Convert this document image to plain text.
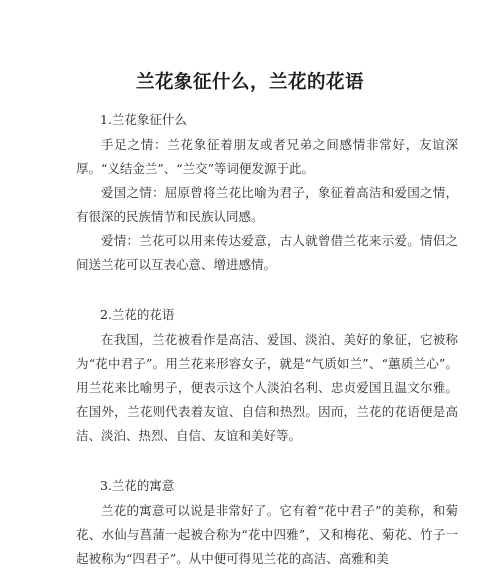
兰花象征什么，兰花的花语
1.兰花象征什么

手足之情：兰花象征着朋友或者兄弟之间感情非常好，友谊深厚。“义结金兰”、“兰交”等词便发源于此。

爱国之情：屈原曾将兰花比喻为君子，象征着高洁和爱国之情，有很深的民族情节和民族认同感。

爱情：兰花可以用来传达爱意，古人就曾借兰花来示爱。情侣之间送兰花可以互表心意、增进感情。

2.兰花的花语

在我国，兰花被看作是高洁、爱国、淡泊、美好的象征，它被称为“花中君子”。用兰花来形容女子，就是“气质如兰”、“蕙质兰心”。用兰花来比喻男子，便表示这个人淡泊名利、忠贞爱国且温文尔雅。在国外，兰花则代表着友谊、自信和热烈。因而，兰花的花语便是高洁、淡泊、热烈、自信、友谊和美好等。

3.兰花的寓意

兰花的寓意可以说是非常好了。它有着“花中君子”的美称，和菊花、水仙与菖蒲一起被合称为“花中四雅”，又和梅花、菊花、竹子一起被称为“四君子”。从中便可得见兰花的高洁、高雅和美
